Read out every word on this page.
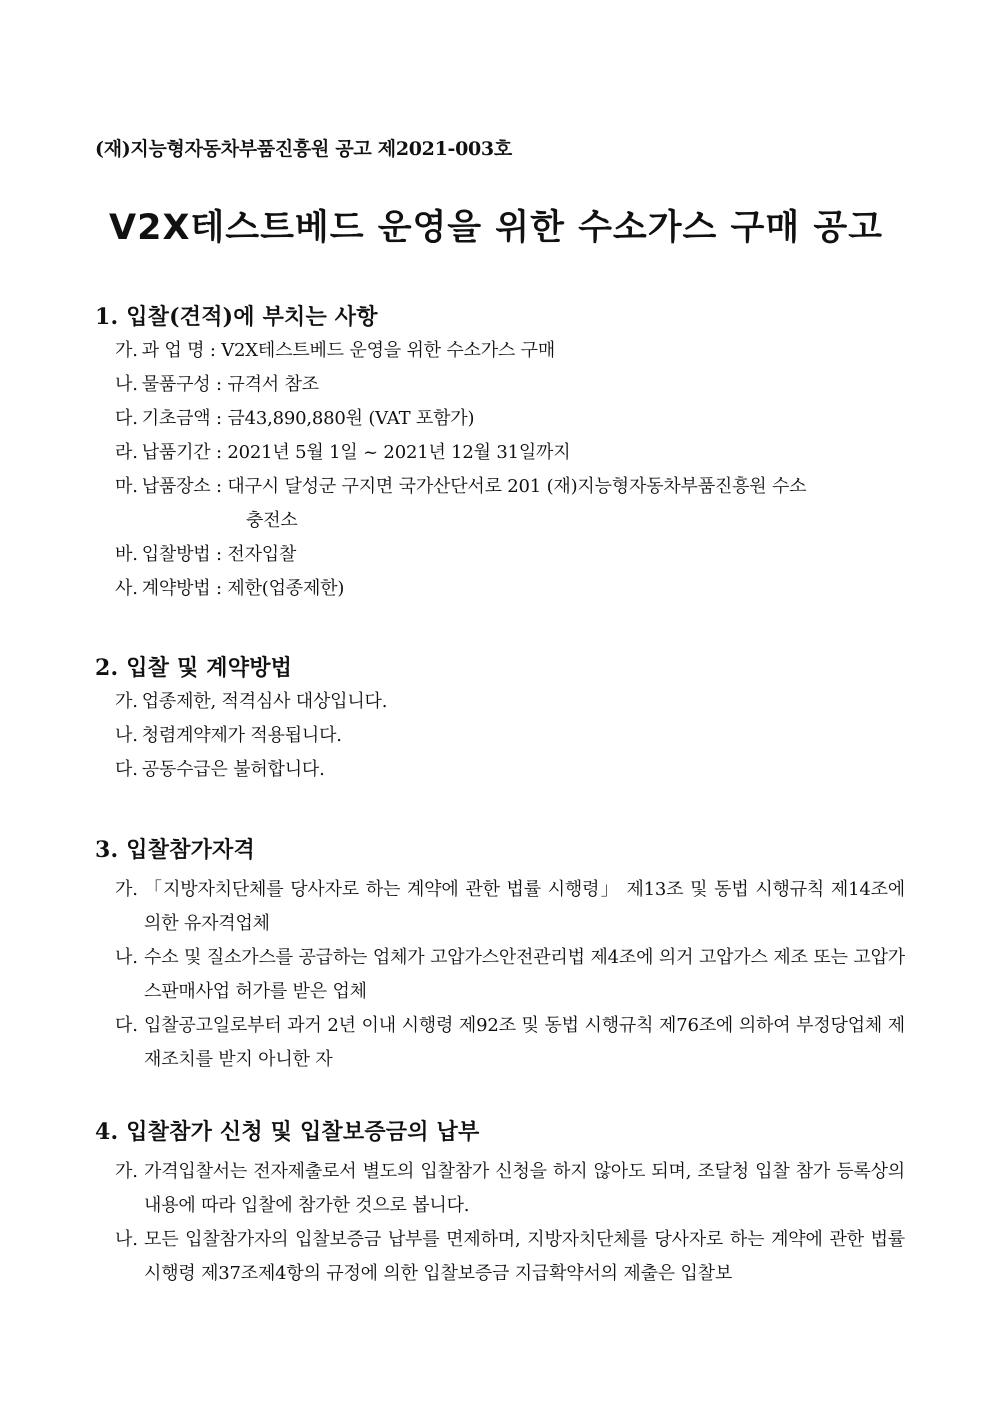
(재)지능형자동차부품진흥원 공고 제2021-003호
V2X테스트베드 운영을 위한 수소가스 구매 공고
1. 입찰(견적)에 부치는 사항
가. 과 업 명 : V2X테스트베드 운영을 위한 수소가스 구매
나. 물품구성 : 규격서 참조
다. 기초금액 : 금43,890,880원 (VAT 포함가)
라. 납품기간 : 2021년 5월 1일 ~ 2021년 12월 31일까지
마. 납품장소 : 대구시 달성군 구지면 국가산단서로 201 (재)지능형자동차부품진흥원 수소
충전소
바. 입찰방법 : 전자입찰
사. 계약방법 : 제한(업종제한)
2. 입찰 및 계약방법
가. 업종제한, 적격심사 대상입니다.
나. 청렴계약제가 적용됩니다.
다. 공동수급은 불허합니다.
3. 입찰참가자격
가. 「지방자치단체를 당사자로 하는 계약에 관한 법률 시행령」 제13조 및 동법 시행규칙 제14조에 의한 유자격업체
나. 수소 및 질소가스를 공급하는 업체가 고압가스안전관리법 제4조에 의거 고압가스 제조 또는 고압가스판매사업 허가를 받은 업체
다. 입찰공고일로부터 과거 2년 이내 시행령 제92조 및 동법 시행규칙 제76조에 의하여 부정당업체 제재조치를 받지 아니한 자
4. 입찰참가 신청 및 입찰보증금의 납부
가. 가격입찰서는 전자제출로서 별도의 입찰참가 신청을 하지 않아도 되며, 조달청 입찰 참가 등록상의 내용에 따라 입찰에 참가한 것으로 봅니다.
나. 모든 입찰참가자의 입찰보증금 납부를 면제하며, 지방자치단체를 당사자로 하는 계약에 관한 법률 시행령 제37조제4항의 규정에 의한 입찰보증금 지급확약서의 제출은 입찰보
